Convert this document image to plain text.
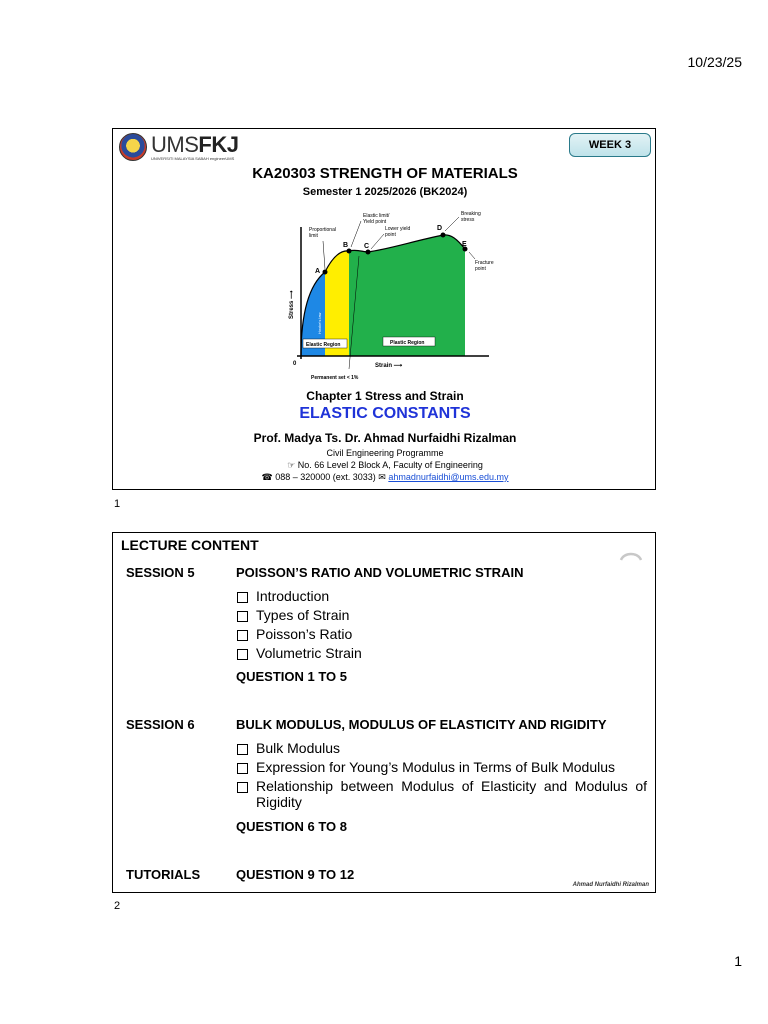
10/23/25
UMSFKJ
UNIVERSITI MALAYSIA SABAH engineerUMS
WEEK 3
KA20303 STRENGTH OF MATERIALS
Semester 1 2025/2026 (BK2024)
A
B C
D
E
Elastic limit/
Yield point
Proportional
limit
Lower yield
point
Breaking
stress
Fracture
point
Hooke's law
Elastic Region	Plastic Region
Stress ⟶
Strain ⟶
0
Permanent set < 1%
Chapter 1 Stress and Strain
ELASTIC CONSTANTS
Prof. Madya Ts. Dr. Ahmad Nurfaidhi Rizalman
Civil Engineering Programme
☞ No. 66 Level 2 Block A, Faculty of Engineering
☎ 088 – 320000 (ext. 3033) ✉ ahmadnurfaidhi@ums.edu.my
1
LECTURE CONTENT
SESSION 5	POISSON’S RATIO AND VOLUMETRIC STRAIN
Introduction
Types of Strain
Poisson’s Ratio
Volumetric Strain
QUESTION 1 TO 5
SESSION 6	BULK MODULUS, MODULUS OF ELASTICITY AND RIGIDITY
Bulk Modulus
Expression for Young’s Modulus in Terms of Bulk Modulus
Relationship between Modulus of Elasticity and Modulus of Rigidity
QUESTION 6 TO 8
TUTORIALS	QUESTION 9 TO 12
Ahmad Nurfaidhi Rizalman
2
1
